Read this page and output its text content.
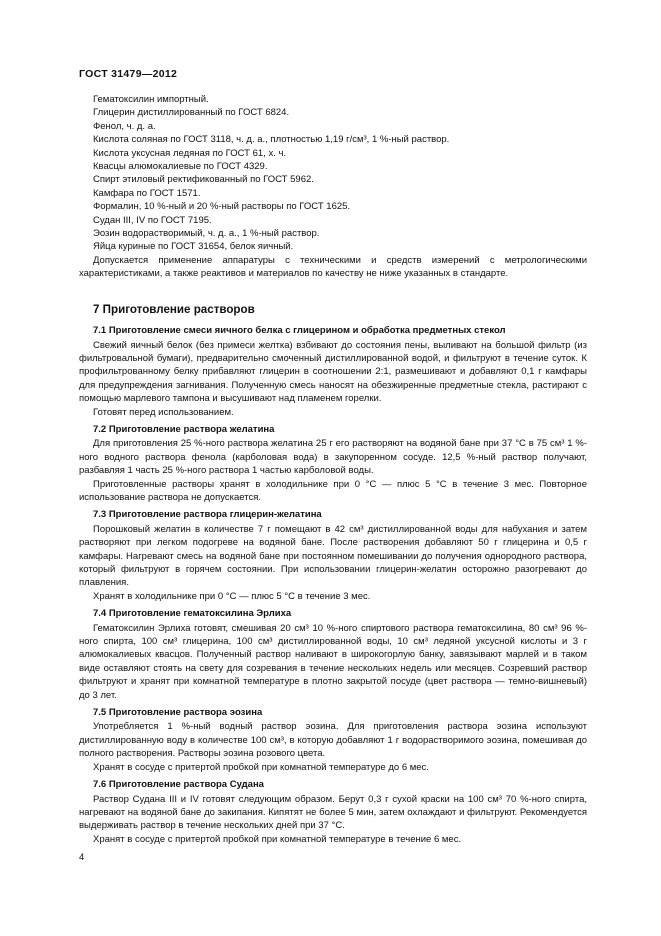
ГОСТ 31479—2012

Гематоксилин импортный.

Глицерин дистиллированный по ГОСТ 6824.

Фенол, ч. д. а.

Кислота соляная по ГОСТ 3118, ч. д. а., плотностью 1,19 г/см³, 1 %-ный раствор.

Кислота уксусная ледяная по ГОСТ 61, х. ч.

Квасцы алюмокалиевые по ГОСТ 4329.

Спирт этиловый ректификованный по ГОСТ 5962.

Камфара по ГОСТ 1571.

Формалин, 10 %-ный и 20 %-ный растворы по ГОСТ 1625.

Судан III, IV по ГОСТ 7195.

Эозин водорастворимый, ч. д. а., 1 %-ный раствор.

Яйца куриные по ГОСТ 31654, белок яичный.

Допускается применение аппаратуры с техническими и средств измерений с метрологическими характеристиками, а также реактивов и материалов по качеству не ниже указанных в стандарте.

7 Приготовление растворов
7.1 Приготовление смеси яичного белка с глицерином и обработка предметных стекол

Свежий яичный белок (без примеси желтка) взбивают до состояния пены, выливают на большой фильтр (из фильтровальной бумаги), предварительно смоченный дистиллированной водой, и фильтруют в течение суток. К профильтрованному белку прибавляют глицерин в соотношении 2:1, размешивают и добавляют 0,1 г камфары для предупреждения загнивания. Полученную смесь наносят на обезжиренные предметные стекла, растирают с помощью марлевого тампона и высушивают над пламенем горелки.

Готовят перед использованием.

7.2 Приготовление раствора желатина

Для приготовления 25 %-ного раствора желатина 25 г его растворяют на водяной бане при 37 °С в 75 см³ 1 %-ного водного раствора фенола (карболовая вода) в закупоренном сосуде. 12,5 %-ный раствор получают, разбавляя 1 часть 25 %-ного раствора 1 частью карболовой воды.

Приготовленные растворы хранят в холодильнике при 0 °С — плюс 5 °С в течение 3 мес. Повторное использование раствора не допускается.

7.3 Приготовление раствора глицерин-желатина

Порошковый желатин в количестве 7 г помещают в 42 см³ дистиллированной воды для набухания и затем растворяют при легком подогреве на водяной бане. После растворения добавляют 50 г глицерина и 0,5 г камфары. Нагревают смесь на водяной бане при постоянном помешивании до получения однородного раствора, который фильтруют в горячем состоянии. При использовании глицерин-желатин осторожно разогревают до плавления.

Хранят в холодильнике при 0 °С — плюс 5 °С в течение 3 мес.

7.4 Приготовление гематоксилина Эрлиха

Гематоксилин Эрлиха готовят, смешивая 20 см³ 10 %-ного спиртового раствора гематоксилина, 80 см³ 96 %-ного спирта, 100 см³ глицерина, 100 см³ дистиллированной воды, 10 см³ ледяной уксусной кислоты и 3 г алюмокалиевых квасцов. Полученный раствор наливают в широкогорлую банку, завязывают марлей и в таком виде оставляют стоять на свету для созревания в течение нескольких недель или месяцев. Созревший раствор фильтруют и хранят при комнатной температуре в плотно закрытой посуде (цвет раствора — темно-вишневый) до 3 лет.

7.5 Приготовление раствора эозина

Употребляется 1 %-ный водный раствор эозина. Для приготовления раствора эозина используют дистиллированную воду в количестве 100 см³, в которую добавляют 1 г водорастворимого эозина, помешивая до полного растворения. Растворы эозина розового цвета.

Хранят в сосуде с притертой пробкой при комнатной температуре до 6 мес.

7.6 Приготовление раствора Судана

Раствор Судана III и IV готовят следующим образом. Берут 0,3 г сухой краски на 100 см³ 70 %-ного спирта, нагревают на водяной бане до закипания. Кипятят не более 5 мин, затем охлаждают и фильтруют. Рекомендуется выдерживать раствор в течение нескольких дней при 37 °С.

Хранят в сосуде с притертой пробкой при комнатной температуре в течение 6 мес.

4
